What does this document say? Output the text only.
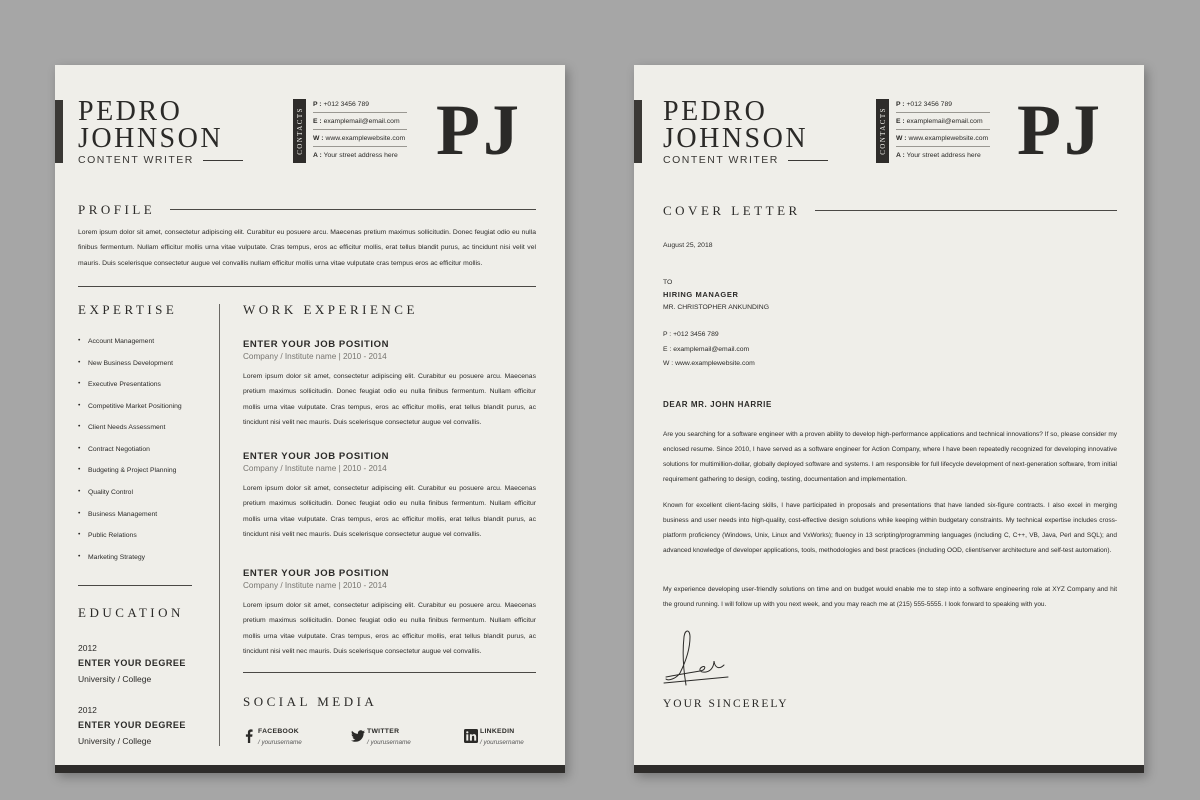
PEDRO
JOHNSON
CONTENT WRITER
CONTACTS
P : +012 3456 789
E : examplemail@email.com
W : www.examplewebsite.com
A : Your street address here PJ
PROFILE
Lorem ipsum dolor sit amet, consectetur adipiscing elit. Curabitur eu posuere arcu. Maecenas pretium maximus sollicitudin. Donec feugiat odio eu nulla finibus fermentum. Nullam efficitur mollis urna vitae vulputate. Cras tempus, eros ac efficitur mollis, erat tellus blandit purus, ac tincidunt nisi velit vel mauris. Duis scelerisque consectetur augue vel convallis nullam efficitur mollis urna vitae vulputate cras tempus eros ac efficitur mollis.
EXPERTISE
• Account Management
• New Business Development
• Executive Presentations
• Competitive Market Positioning
• Client Needs Assessment
• Contract Negotiation
• Budgeting & Project Planning
• Quality Control
• Business Management
• Public Relations
• Marketing Strategy
EDUCATION
2012
ENTER YOUR DEGREE
University / College
2012
ENTER YOUR DEGREE
University / College
WORK EXPERIENCE
ENTER YOUR JOB POSITION
Company / Institute name | 2010 - 2014
Lorem ipsum dolor sit amet, consectetur adipiscing elit. Curabitur eu posuere arcu. Maecenas pretium maximus sollicitudin. Donec feugiat odio eu nulla finibus fermentum. Nullam efficitur mollis urna vitae vulputate. Cras tempus, eros ac efficitur mollis, erat tellus blandit purus, ac tincidunt nisi velit nec mauris. Duis scelerisque consectetur augue vel convallis.
ENTER YOUR JOB POSITION
Company / Institute name | 2010 - 2014
Lorem ipsum dolor sit amet, consectetur adipiscing elit. Curabitur eu posuere arcu. Maecenas pretium maximus sollicitudin. Donec feugiat odio eu nulla finibus fermentum. Nullam efficitur mollis urna vitae vulputate. Cras tempus, eros ac efficitur mollis, erat tellus blandit purus, ac tincidunt nisi velit nec mauris. Duis scelerisque consectetur augue vel convallis.
ENTER YOUR JOB POSITION
Company / Institute name | 2010 - 2014
Lorem ipsum dolor sit amet, consectetur adipiscing elit. Curabitur eu posuere arcu. Maecenas pretium maximus sollicitudin. Donec feugiat odio eu nulla finibus fermentum. Nullam efficitur mollis urna vitae vulputate. Cras tempus, eros ac efficitur mollis, erat tellus blandit purus, ac tincidunt nisi velit nec mauris. Duis scelerisque consectetur augue vel convallis.
SOCIAL MEDIA
FACEBOOK
/ yourusername
TWITTER
/ yourusername
LINKEDIN
/ yourusername
PEDRO
JOHNSON
CONTENT WRITER
CONTACTS
P : +012 3456 789
E : examplemail@email.com
W : www.examplewebsite.com
A : Your street address here PJ
COVER LETTER
August 25, 2018
TO
HIRING MANAGER
MR. CHRISTOPHER ANKUNDING
P : +012 3456 789
E : examplemail@email.com
W : www.examplewebsite.com
DEAR MR. JOHN HARRIE
Are you searching for a software engineer with a proven ability to develop high-performance applications and technical innovations? If so, please consider my enclosed resume. Since 2010, I have served as a software engineer for Action Company, where I have been repeatedly recognized for developing innovative solutions for multimillion-dollar, globally deployed software and systems. I am responsible for full lifecycle development of next-generation software, from initial requirement gathering to design, coding, testing, documentation and implementation.
Known for excellent client-facing skills, I have participated in proposals and presentations that have landed six-figure contracts. I also excel in merging business and user needs into high-quality, cost-effective design solutions while keeping within budgetary constraints. My technical expertise includes cross-platform proficiency (Windows, Unix, Linux and VxWorks); fluency in 13 scripting/programming languages (including C, C++, VB, Java, Perl and SQL); and advanced knowledge of developer applications, tools, methodologies and best practices (including OOD, client/server architecture and self-test automation).
My experience developing user-friendly solutions on time and on budget would enable me to step into a software engineering role at XYZ Company and hit the ground running. I will follow up with you next week, and you may reach me at (215) 555-5555. I look forward to speaking with you.
YOUR SINCERELY
